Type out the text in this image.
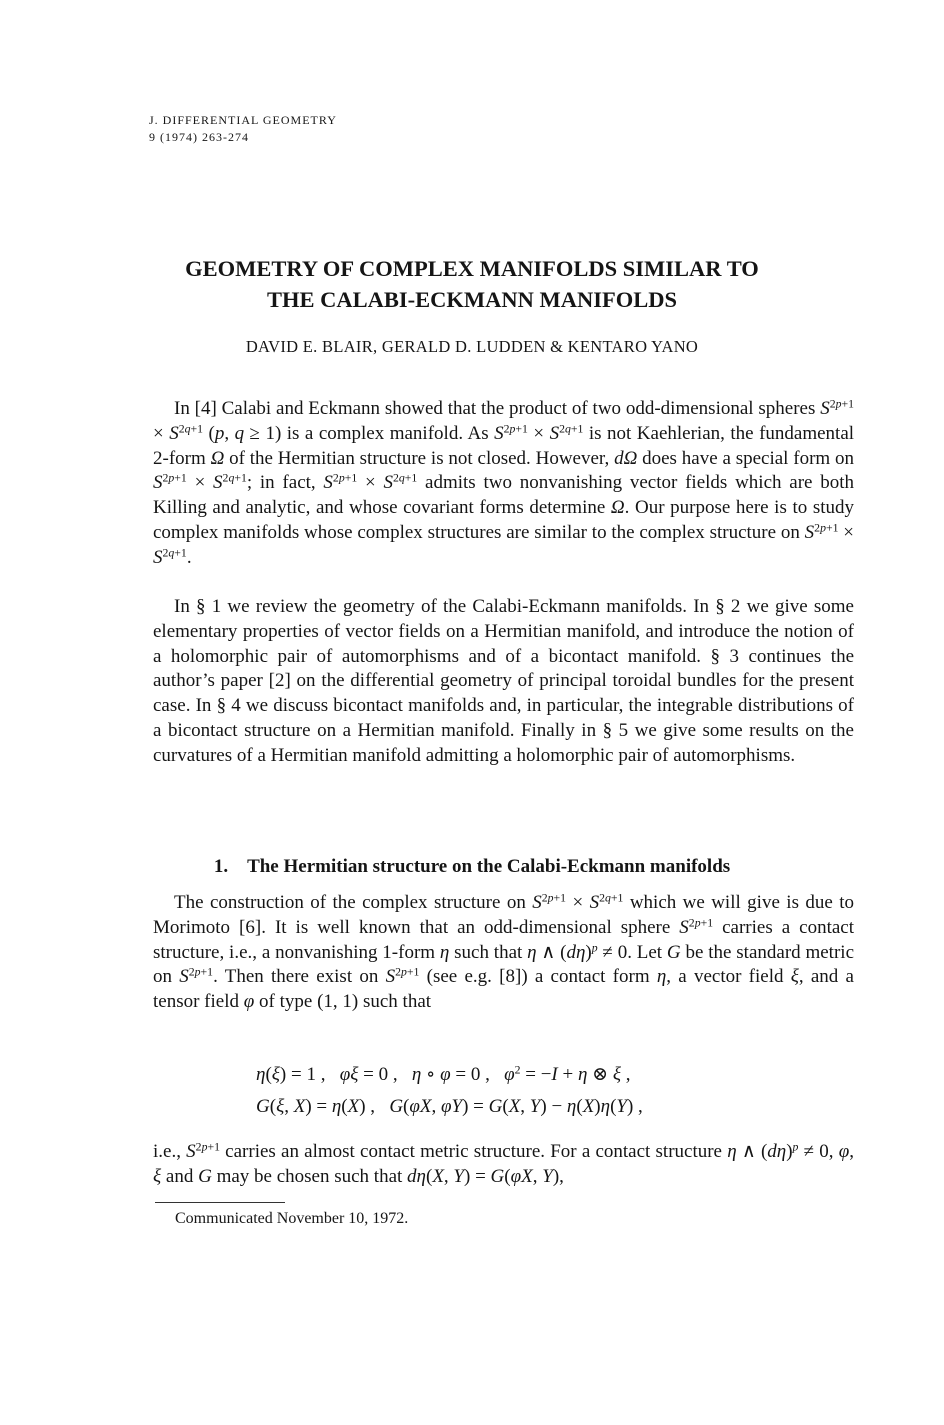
J. DIFFERENTIAL GEOMETRY
9 (1974) 263-274
GEOMETRY OF COMPLEX MANIFOLDS SIMILAR TO
THE CALABI-ECKMANN MANIFOLDS
DAVID E. BLAIR, GERALD D. LUDDEN & KENTARO YANO

In [4] Calabi and Eckmann showed that the product of two odd-dimensional spheres $S^{2p+1} \times S^{2q+1}$ (p, q ≥ 1) is a complex manifold. As $S^{2p+1} \times S^{2q+1}$ is not Kaehlerian, the fundamental 2-form Ω of the Hermitian structure is not closed. However, dΩ does have a special form on $S^{2p+1} \times S^{2q+1}$; in fact, $S^{2p+1} \times S^{2q+1}$ admits two nonvanishing vector fields which are both Killing and analytic, and whose covariant forms determine Ω. Our purpose here is to study complex manifolds whose complex structures are similar to the complex structure on $S^{2p+1} \times S^{2q+1}$.

In § 1 we review the geometry of the Calabi-Eckmann manifolds. In § 2 we give some elementary properties of vector fields on a Hermitian manifold, and introduce the notion of a holomorphic pair of automorphisms and of a bicontact manifold. § 3 continues the author’s paper [2] on the differential geometry of principal toroidal bundles for the present case. In § 4 we discuss bicontact manifolds and, in particular, the integrable distributions of a bicontact structure on a Hermitian manifold. Finally in § 5 we give some results on the curvatures of a Hermitian manifold admitting a holomorphic pair of automorphisms.

1. The Hermitian structure on the Calabi-Eckmann manifolds

The construction of the complex structure on $S^{2p+1} \times S^{2q+1}$ which we will give is due to Morimoto [6]. It is well known that an odd-dimensional sphere $S^{2p+1}$ carries a contact structure, i.e., a nonvanishing 1-form η such that η ∧ $(d\eta)^p \ne 0$. Let G be the standard metric on $S^{2p+1}$. Then there exist on $S^{2p+1}$ (see e.g. [8]) a contact form η, a vector field ξ, and a tensor field φ of type (1, 1) such that

η(ξ) = 1 ,   φξ = 0 ,   η ∘ φ = 0 ,   $\varphi^2 = -I + \eta$ ⊗ ξ ,
G(ξ, X) = η(X) ,   G(φX, φY) = G(X, Y) − η(X)η(Y) ,

i.e., $S^{2p+1}$ carries an almost contact metric structure. For a contact structure η ∧ $(d\eta)^p \ne 0$, φ, ξ and G may be chosen such that dη(X, Y) = G(φX, Y),

Communicated November 10, 1972.
